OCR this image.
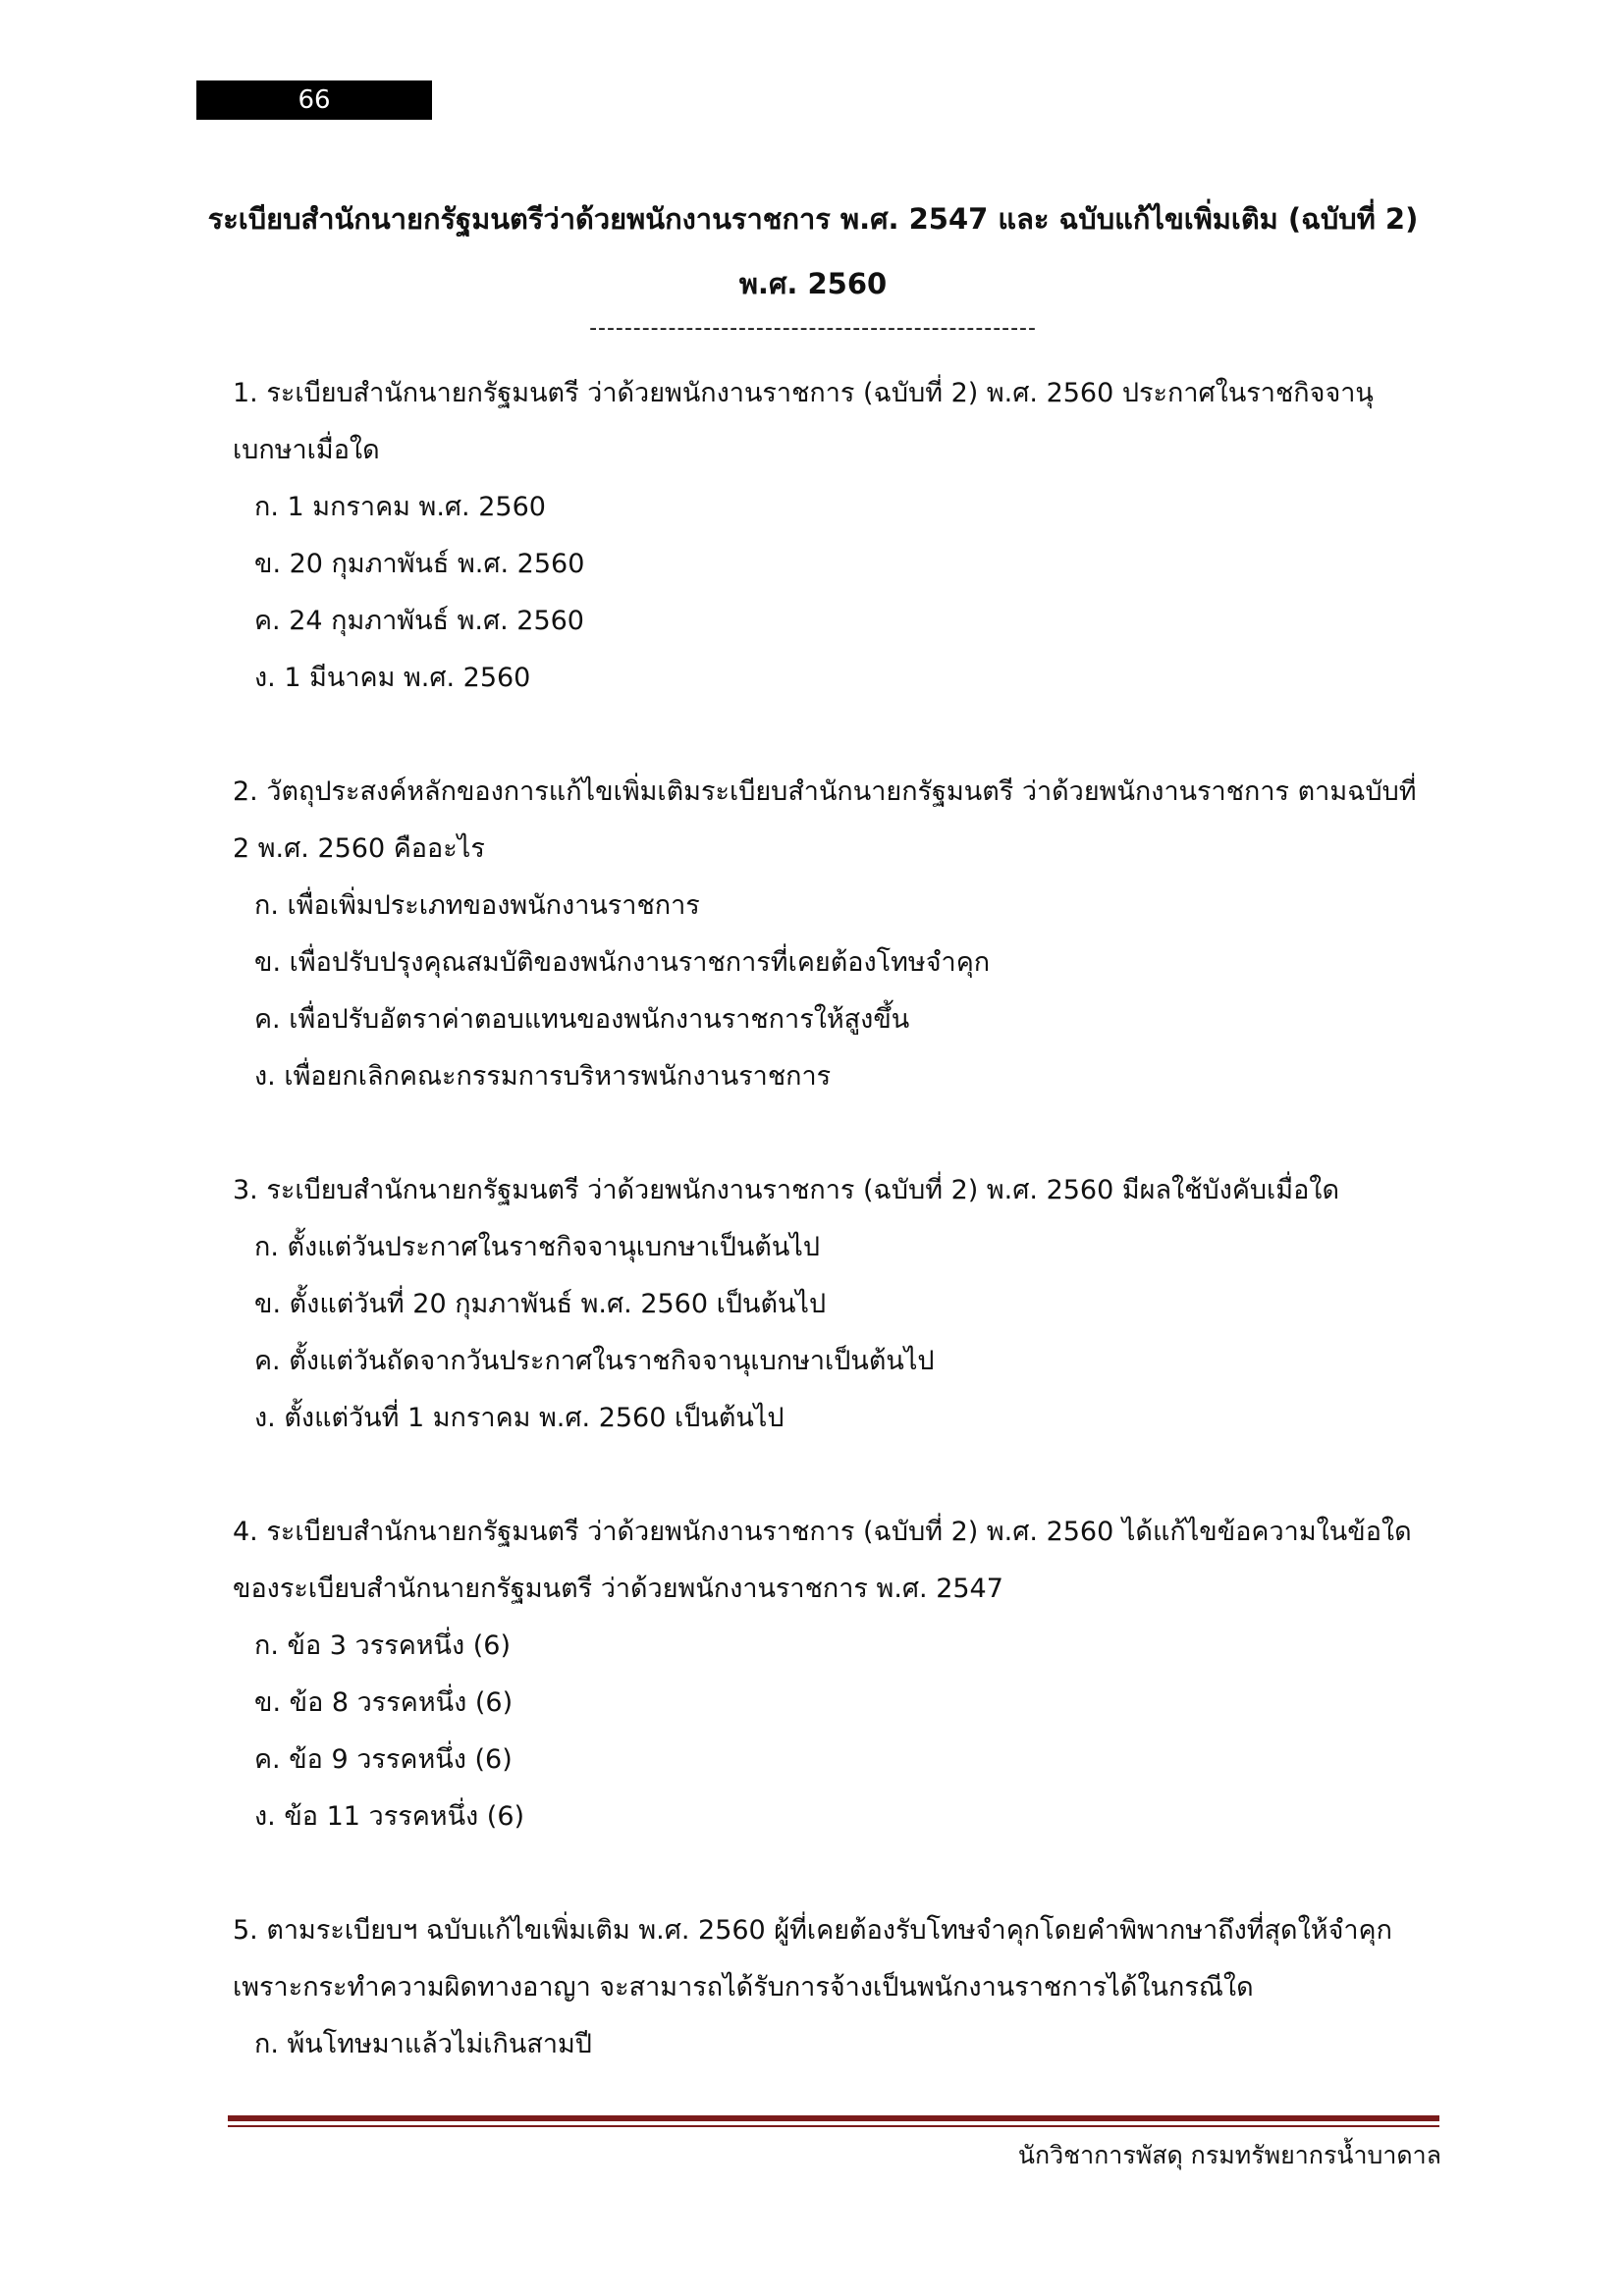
66
ระเบียบสำนักนายกรัฐมนตรีว่าด้วยพนักงานราชการ พ.ศ. 2547 และ ฉบับแก้ไขเพิ่มเติม (ฉบับที่ 2)
พ.ศ. 2560
---------------------------------------------------
1. ระเบียบสำนักนายกรัฐมนตรี ว่าด้วยพนักงานราชการ (ฉบับที่ 2) พ.ศ. 2560 ประกาศในราชกิจจานุเบกษาเมื่อใด
ก. 1 มกราคม พ.ศ. 2560
ข. 20 กุมภาพันธ์ พ.ศ. 2560
ค. 24 กุมภาพันธ์ พ.ศ. 2560
ง. 1 มีนาคม พ.ศ. 2560
2. วัตถุประสงค์หลักของการแก้ไขเพิ่มเติมระเบียบสำนักนายกรัฐมนตรี ว่าด้วยพนักงานราชการ ตามฉบับที่ 2 พ.ศ. 2560 คืออะไร
ก. เพื่อเพิ่มประเภทของพนักงานราชการ
ข. เพื่อปรับปรุงคุณสมบัติของพนักงานราชการที่เคยต้องโทษจำคุก
ค. เพื่อปรับอัตราค่าตอบแทนของพนักงานราชการให้สูงขึ้น
ง. เพื่อยกเลิกคณะกรรมการบริหารพนักงานราชการ
3. ระเบียบสำนักนายกรัฐมนตรี ว่าด้วยพนักงานราชการ (ฉบับที่ 2) พ.ศ. 2560 มีผลใช้บังคับเมื่อใด
ก. ตั้งแต่วันประกาศในราชกิจจานุเบกษาเป็นต้นไป
ข. ตั้งแต่วันที่ 20 กุมภาพันธ์ พ.ศ. 2560 เป็นต้นไป
ค. ตั้งแต่วันถัดจากวันประกาศในราชกิจจานุเบกษาเป็นต้นไป
ง. ตั้งแต่วันที่ 1 มกราคม พ.ศ. 2560 เป็นต้นไป
4. ระเบียบสำนักนายกรัฐมนตรี ว่าด้วยพนักงานราชการ (ฉบับที่ 2) พ.ศ. 2560 ได้แก้ไขข้อความในข้อใดของระเบียบสำนักนายกรัฐมนตรี ว่าด้วยพนักงานราชการ พ.ศ. 2547
ก. ข้อ 3 วรรคหนึ่ง (6)
ข. ข้อ 8 วรรคหนึ่ง (6)
ค. ข้อ 9 วรรคหนึ่ง (6)
ง. ข้อ 11 วรรคหนึ่ง (6)
5. ตามระเบียบฯ ฉบับแก้ไขเพิ่มเติม พ.ศ. 2560 ผู้ที่เคยต้องรับโทษจำคุกโดยคำพิพากษาถึงที่สุดให้จำคุกเพราะกระทำความผิดทางอาญา จะสามารถได้รับการจ้างเป็นพนักงานราชการได้ในกรณีใด
ก. พ้นโทษมาแล้วไม่เกินสามปี
นักวิชาการพัสดุ กรมทรัพยากรน้ำบาดาล
